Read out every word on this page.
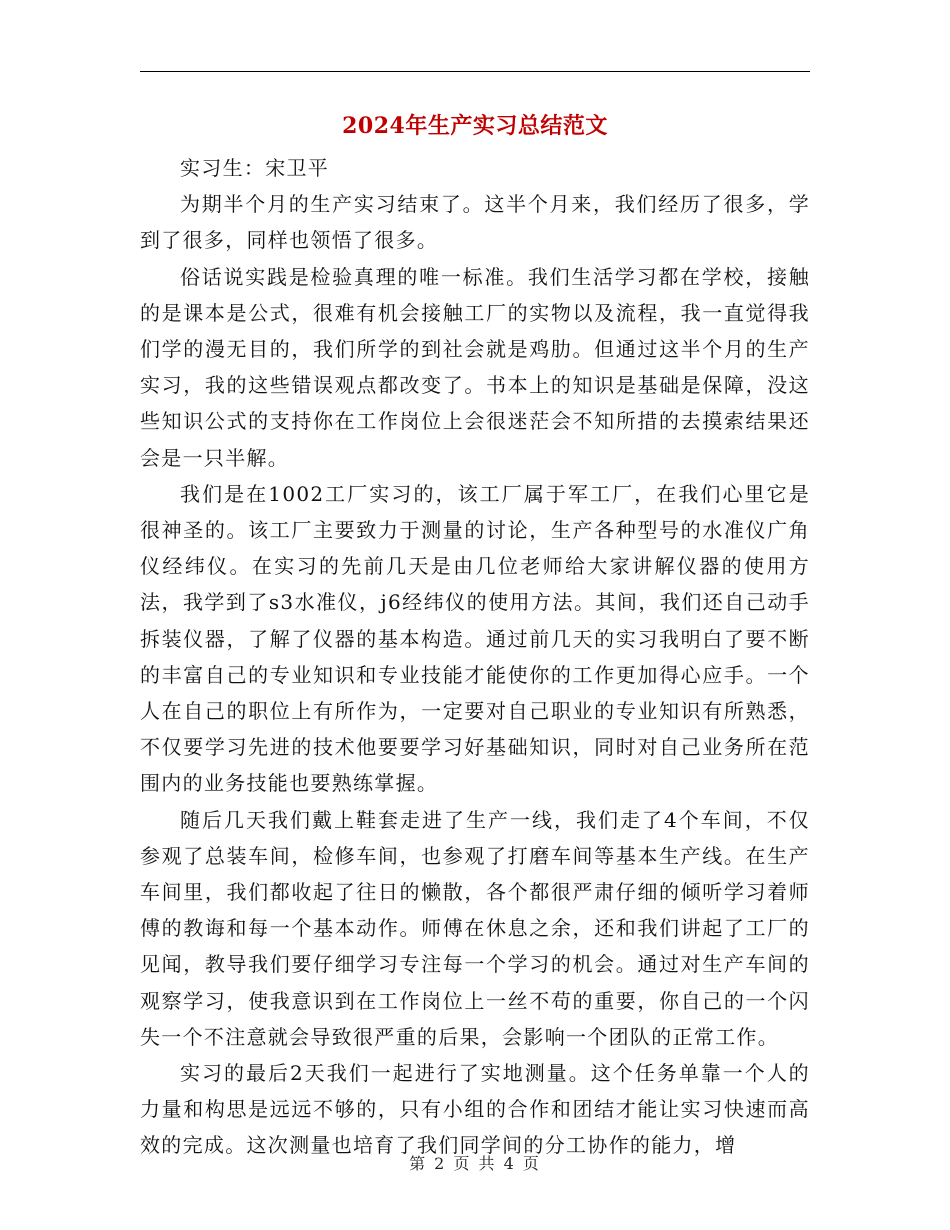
2024年生产实习总结范文

实习生：宋卫平

为期半个月的生产实习结束了。这半个月来，我们经历了很多，学到了很多，同样也领悟了很多。

俗话说实践是检验真理的唯一标准。我们生活学习都在学校，接触的是课本是公式，很难有机会接触工厂的实物以及流程，我一直觉得我们学的漫无目的，我们所学的到社会就是鸡肋。但通过这半个月的生产实习，我的这些错误观点都改变了。书本上的知识是基础是保障，没这些知识公式的支持你在工作岗位上会很迷茫会不知所措的去摸索结果还会是一只半解。

我们是在1002工厂实习的，该工厂属于军工厂，在我们心里它是很神圣的。该工厂主要致力于测量的讨论，生产各种型号的水准仪广角仪经纬仪。在实习的先前几天是由几位老师给大家讲解仪器的使用方法，我学到了s3水准仪，j6经纬仪的使用方法。其间，我们还自己动手拆装仪器，了解了仪器的基本构造。通过前几天的实习我明白了要不断的丰富自己的专业知识和专业技能才能使你的工作更加得心应手。一个人在自己的职位上有所作为，一定要对自己职业的专业知识有所熟悉，不仅要学习先进的技术他要要学习好基础知识，同时对自己业务所在范围内的业务技能也要熟练掌握。

随后几天我们戴上鞋套走进了生产一线，我们走了4个车间，不仅参观了总装车间，检修车间，也参观了打磨车间等基本生产线。在生产车间里，我们都收起了往日的懒散，各个都很严肃仔细的倾听学习着师傅的教诲和每一个基本动作。师傅在休息之余，还和我们讲起了工厂的见闻，教导我们要仔细学习专注每一个学习的机会。通过对生产车间的观察学习，使我意识到在工作岗位上一丝不苟的重要，你自己的一个闪失一个不注意就会导致很严重的后果，会影响一个团队的正常工作。

实习的最后2天我们一起进行了实地测量。这个任务单靠一个人的力量和构思是远远不够的，只有小组的合作和团结才能让实习快速而高效的完成。这次测量也培育了我们同学间的分工协作的能力，增

第 2 页 共 4 页
